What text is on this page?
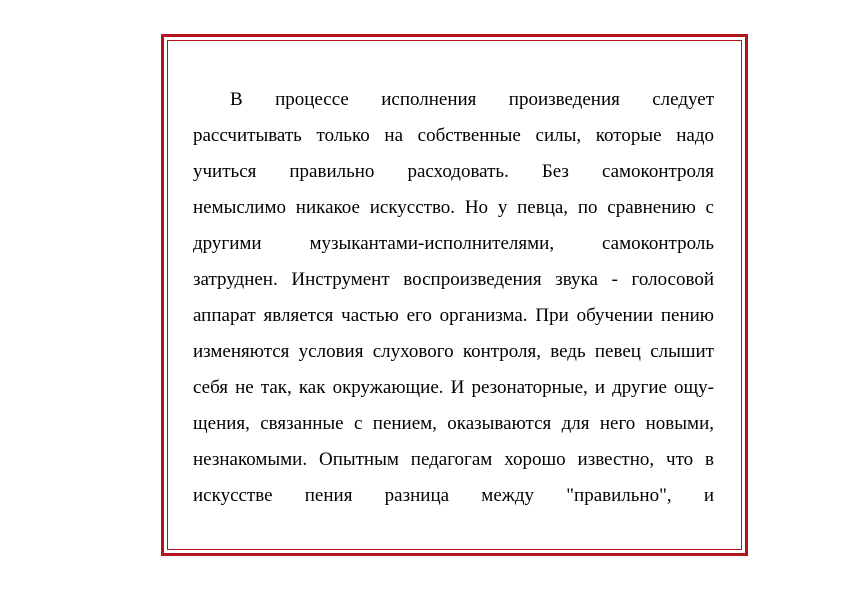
В процессе исполнения произведения следует
рассчитывать только на собственные силы, которые надо
учиться правильно расходовать. Без самоконтроля
немыслимо никакое искусство. Но у певца, по сравнению с
другими музыкантами-исполнителями, самоконтроль
затруднен. Инструмент воспроизведения звука - голосовой
аппарат является частью его организма. При обучении пению
изменяются условия слухового контроля, ведь певец слышит
себя не так, как окружающие. И резонаторные, и другие ощу-
щения, связанные с пением, оказываются для него новыми,
незнакомыми. Опытным педагогам хорошо известно, что в
искусстве пения разница между "правильно", и
